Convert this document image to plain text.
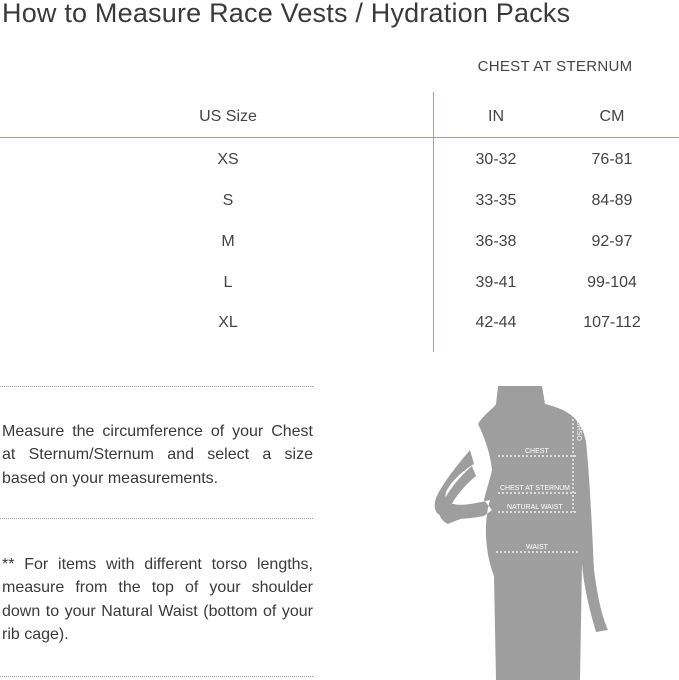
How to Measure Race Vests / Hydration Packs
CHEST AT STERNUM
US Size	IN	CM
XS	30-32	76-81
S	33-35	84-89
M	36-38	92-97
L	39-41	99-104
XL	42-44	107-112

Measure the circumference of your Chest at Sternum/Sternum and select a size based on your measurements.

** For items with different torso lengths, measure from the top of your shoulder down to your Natural Waist (bottom of your rib cage).

TORSO
CHEST
CHEST AT STERNUM
NATURAL WAIST
WAIST
